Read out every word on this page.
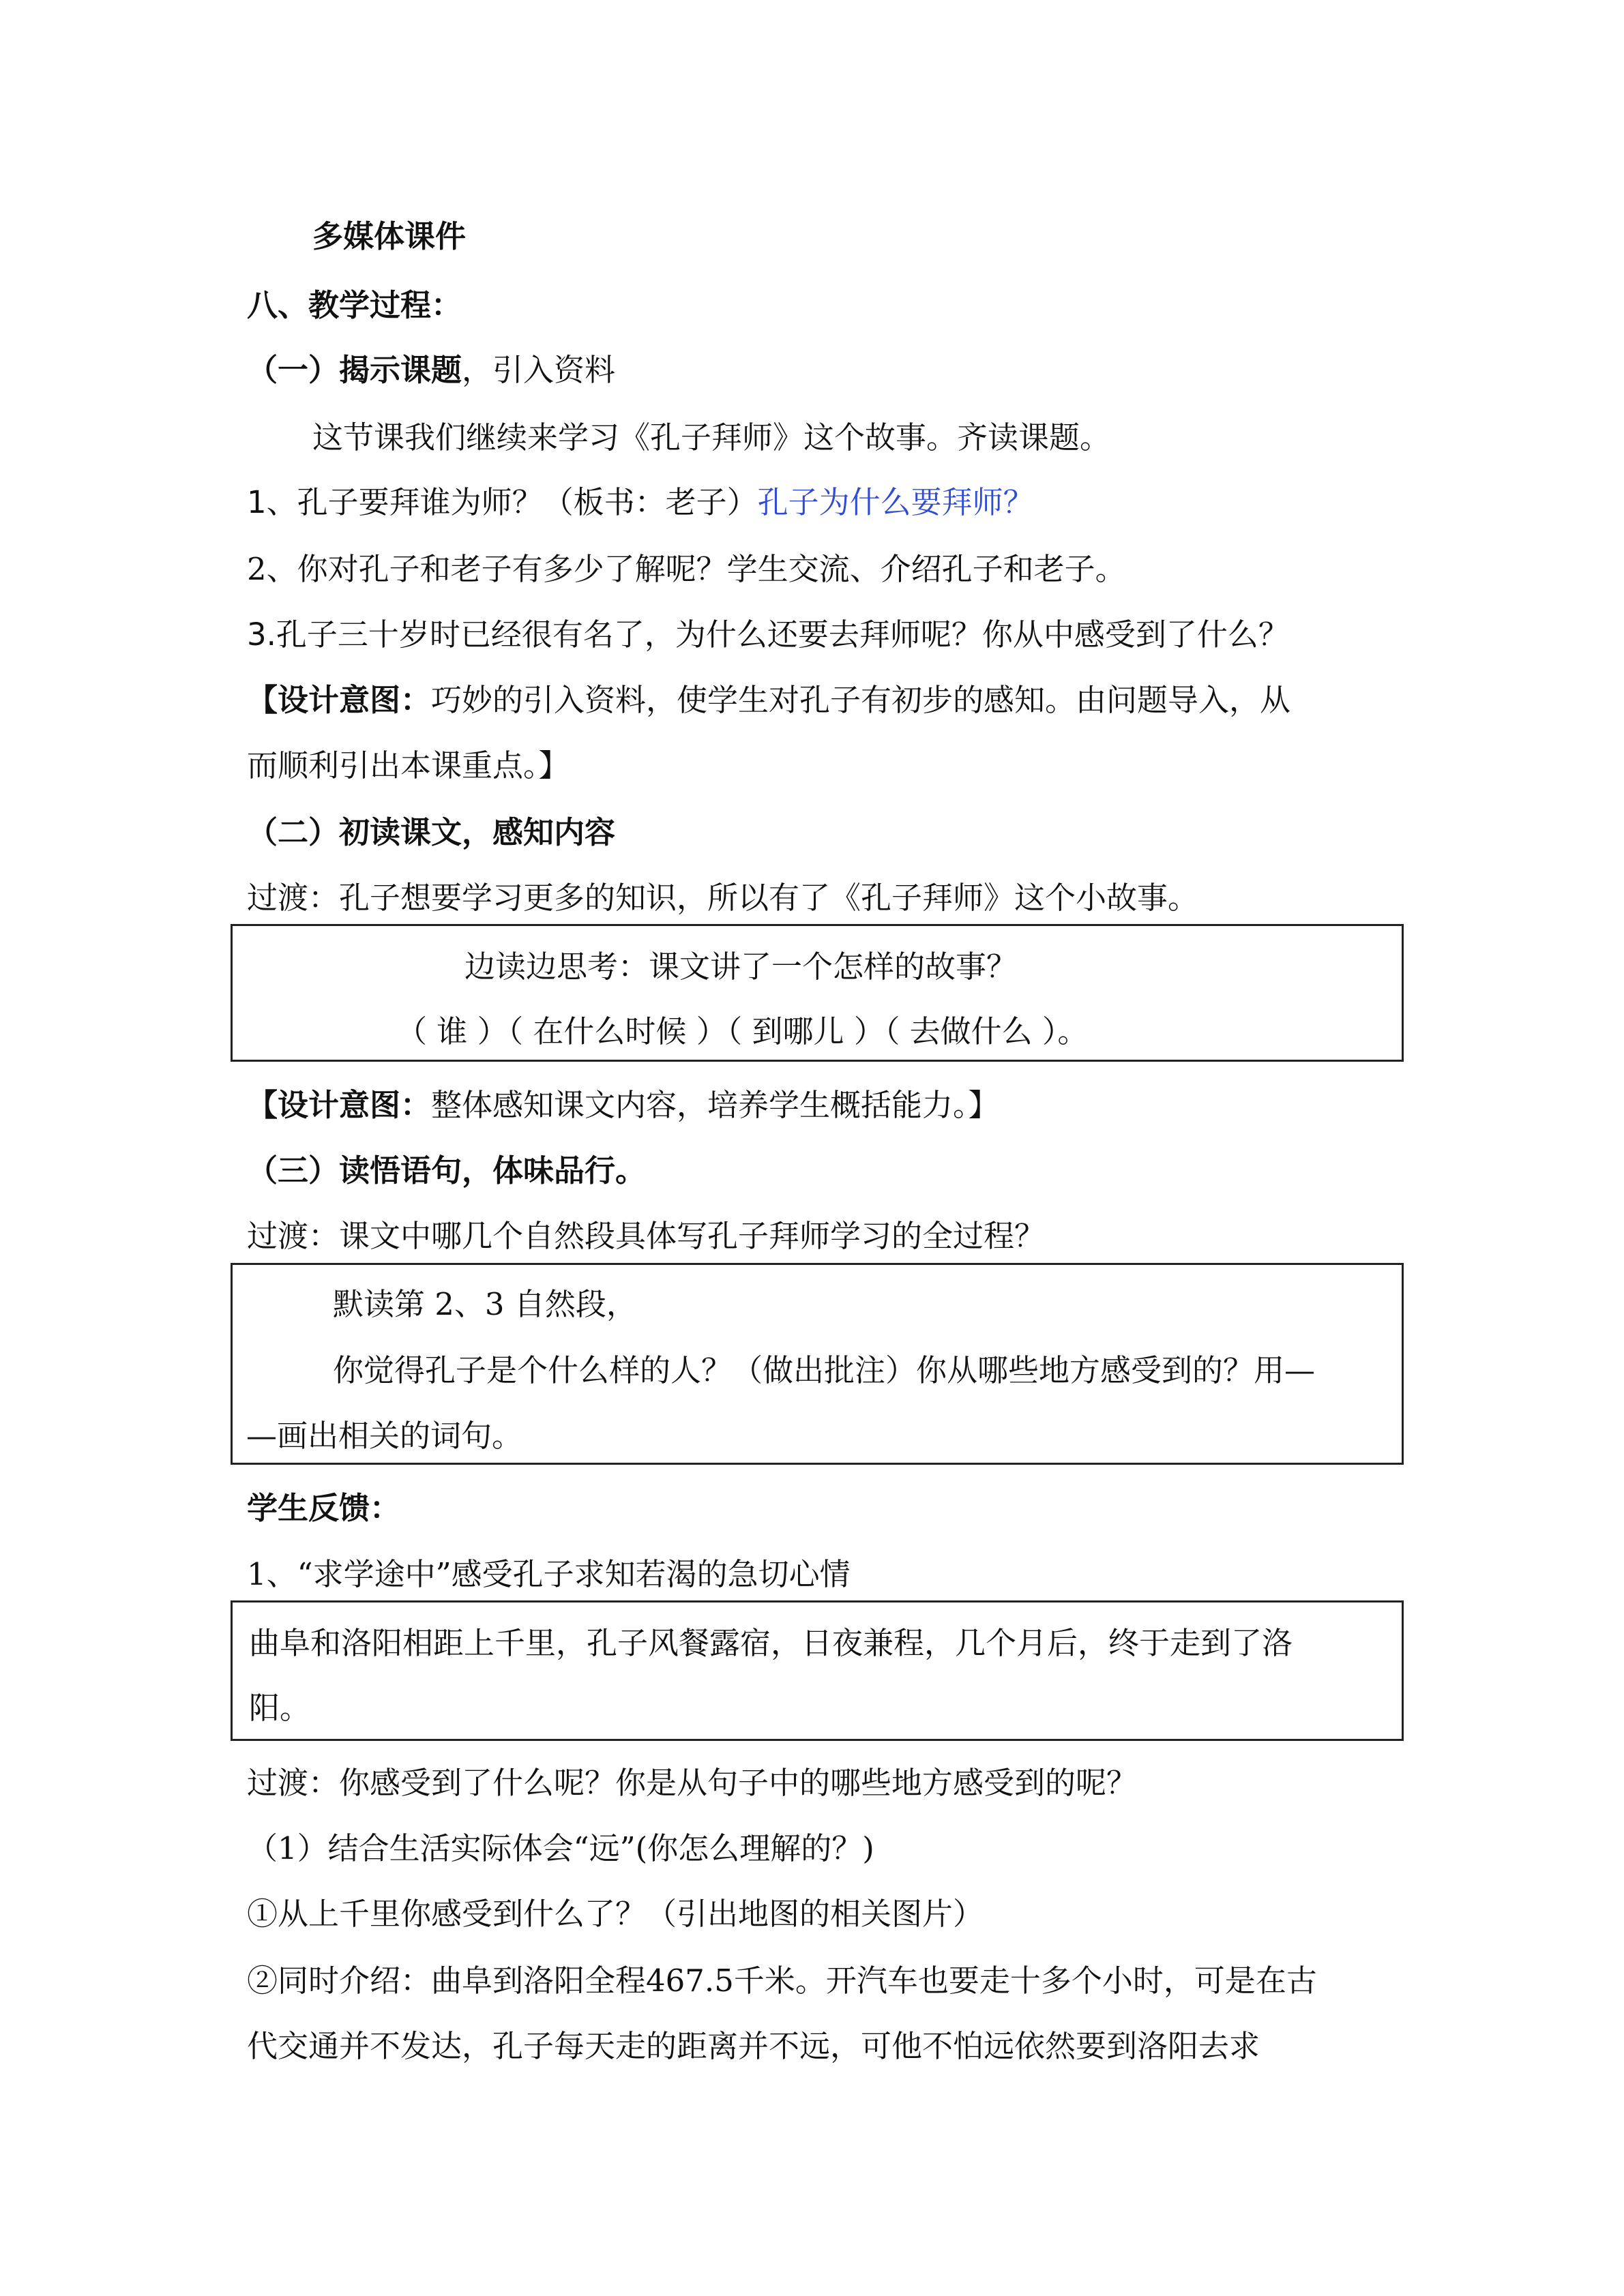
多媒体课件
八、教学过程：
（一）揭示课题，引入资料
这节课我们继续来学习《孔子拜师》这个故事。齐读课题。
1、孔子要拜谁为师？（板书：老子）孔子为什么要拜师？
2、你对孔子和老子有多少了解呢？学生交流、介绍孔子和老子。
3.孔子三十岁时已经很有名了，为什么还要去拜师呢？你从中感受到了什么？
【设计意图：巧妙的引入资料，使学生对孔子有初步的感知。由问题导入，从
而顺利引出本课重点。】
（二）初读课文，感知内容
过渡：孔子想要学习更多的知识，所以有了《孔子拜师》这个小故事。
边读边思考：课文讲了一个怎样的故事？
（ 谁 ）（ 在什么时候 ）（ 到哪儿 ）（ 去做什么 ）。
【设计意图：整体感知课文内容，培养学生概括能力。】
（三）读悟语句，体味品行。
过渡：课文中哪几个自然段具体写孔子拜师学习的全过程？
默读第 2、3 自然段，
你觉得孔子是个什么样的人？（做出批注）你从哪些地方感受到的？用—
—画出相关的词句。
学生反馈：
1、“求学途中”感受孔子求知若渴的急切心情
曲阜和洛阳相距上千里，孔子风餐露宿，日夜兼程，几个月后，终于走到了洛
阳。
过渡：你感受到了什么呢？你是从句子中的哪些地方感受到的呢？
（1）结合生活实际体会“远”(你怎么理解的？)
①从上千里你感受到什么了？（引出地图的相关图片）
②同时介绍：曲阜到洛阳全程467.5千米。开汽车也要走十多个小时，可是在古
代交通并不发达，孔子每天走的距离并不远，可他不怕远依然要到洛阳去求
